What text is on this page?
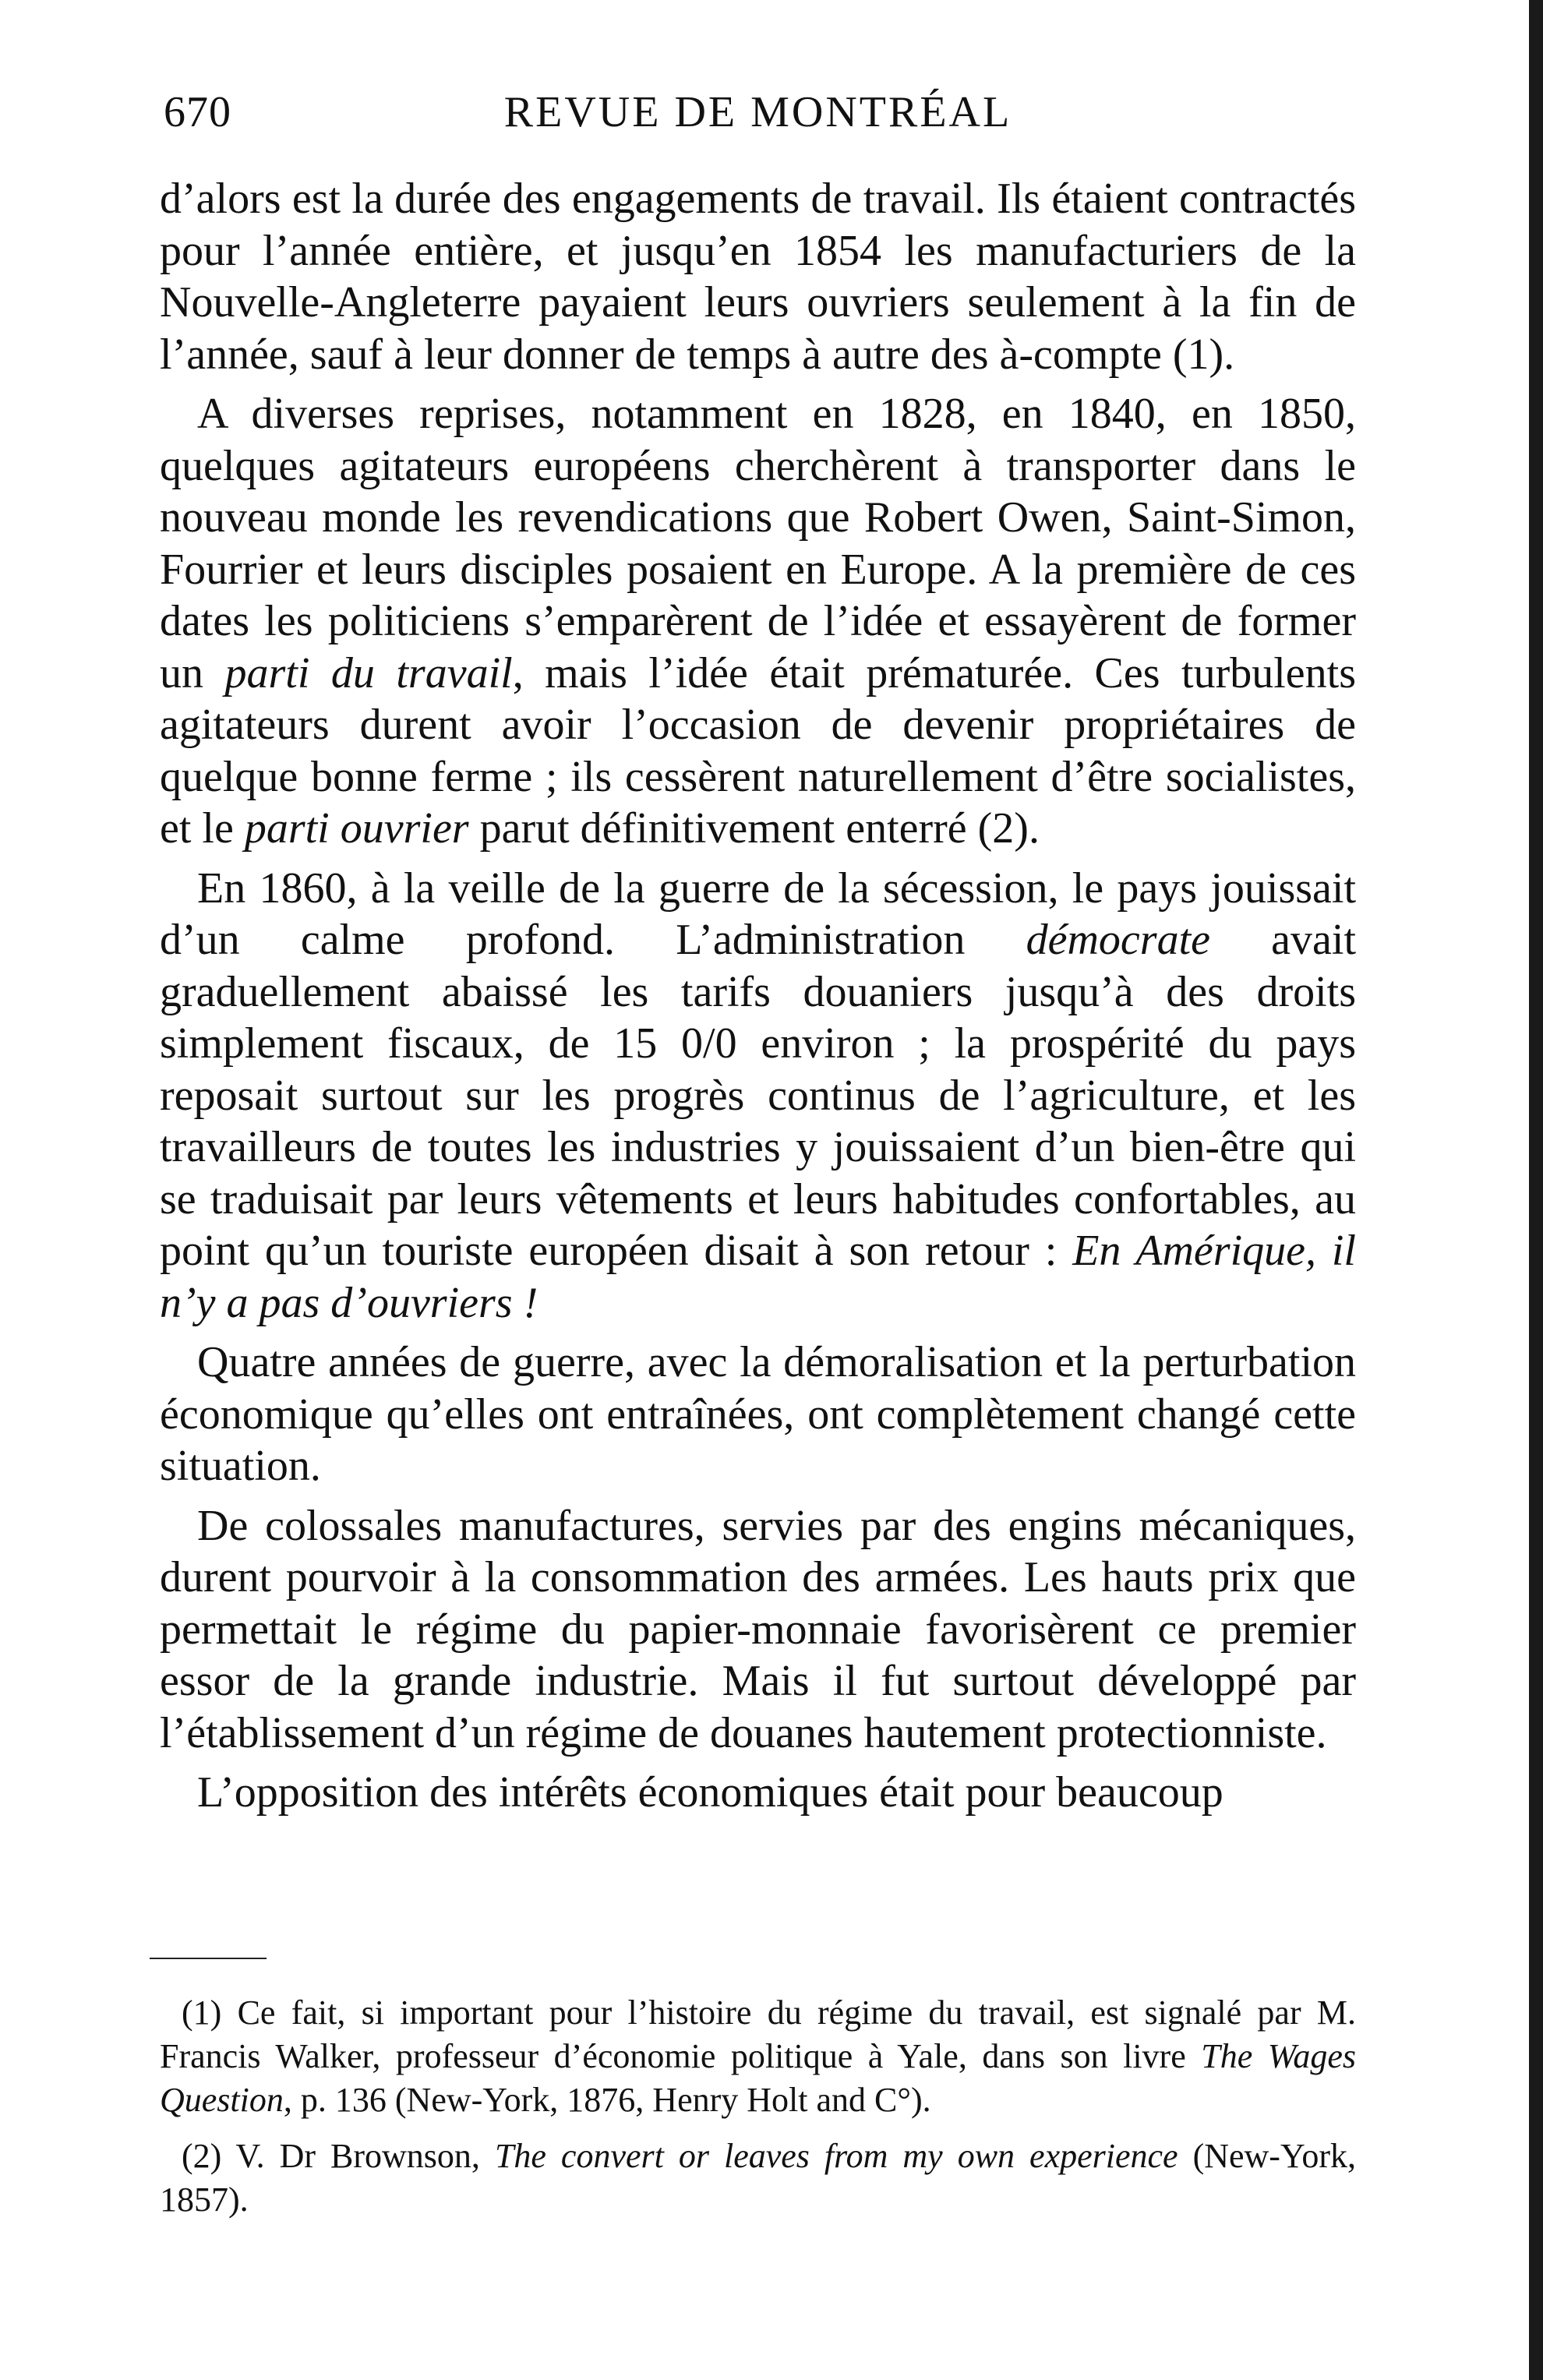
670	REVUE DE MONTRÉAL

d’alors est la durée des engagements de travail. Ils étaient contractés pour l’année entière, et jusqu’en 1854 les manufacturiers de la Nouvelle-Angleterre payaient leurs ouvriers seulement à la fin de l’année, sauf à leur donner de temps à autre des à-compte (1).

A diverses reprises, notamment en 1828, en 1840, en 1850, quelques agitateurs européens cherchèrent à transporter dans le nouveau monde les revendications que Robert Owen, Saint-Simon, Fourrier et leurs disciples posaient en Europe. A la première de ces dates les politiciens s’emparèrent de l’idée et essayèrent de former un parti du travail, mais l’idée était prématurée. Ces turbulents agitateurs durent avoir l’occasion de devenir propriétaires de quelque bonne ferme ; ils cessèrent naturellement d’être socialistes, et le parti ouvrier parut définitivement enterré (2).

En 1860, à la veille de la guerre de la sécession, le pays jouissait d’un calme profond. L’administration démocrate avait graduellement abaissé les tarifs douaniers jusqu’à des droits simplement fiscaux, de 15 0/0 environ ; la prospérité du pays reposait surtout sur les progrès continus de l’agriculture, et les travailleurs de toutes les industries y jouissaient d’un bien-être qui se traduisait par leurs vêtements et leurs habitudes confortables, au point qu’un touriste européen disait à son retour : En Amérique, il n’y a pas d’ouvriers !

Quatre années de guerre, avec la démoralisation et la perturbation économique qu’elles ont entraînées, ont complètement changé cette situation.

De colossales manufactures, servies par des engins mécaniques, durent pourvoir à la consommation des armées. Les hauts prix que permettait le régime du papier-monnaie favorisèrent ce premier essor de la grande industrie. Mais il fut surtout développé par l’établissement d’un régime de douanes hautement protectionniste.

L’opposition des intérêts économiques était pour beaucoup

(1) Ce fait, si important pour l’histoire du régime du travail, est signalé par M. Francis Walker, professeur d’économie politique à Yale, dans son livre The Wages Question, p. 136 (New-York, 1876, Henry Holt and C°).

(2) V. Dr Brownson, The convert or leaves from my own experience (New-York, 1857).
